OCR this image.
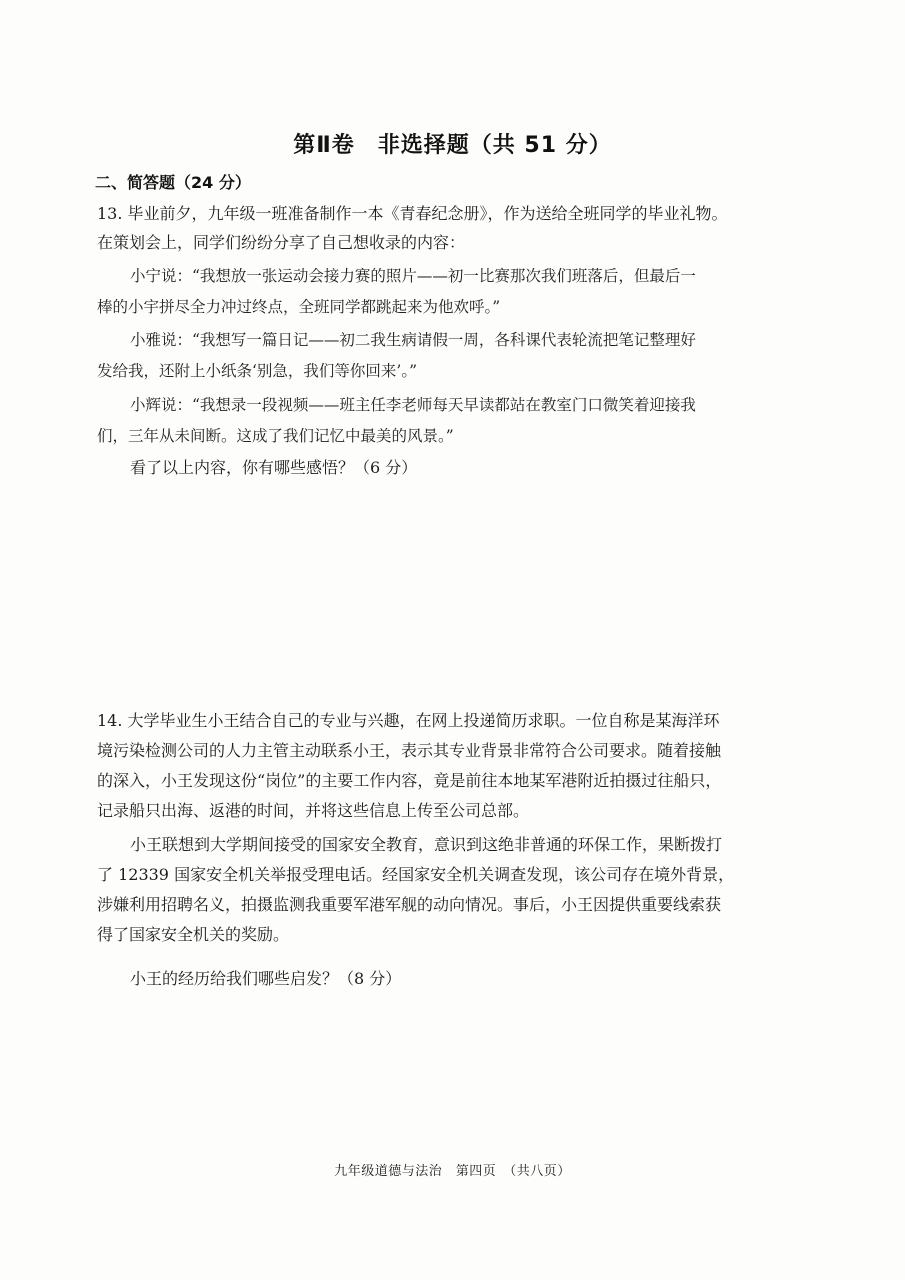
第Ⅱ卷　非选择题（共 51 分）
二、简答题（24 分）
13. 毕业前夕，九年级一班准备制作一本《青春纪念册》，作为送给全班同学的毕业礼物。
在策划会上，同学们纷纷分享了自己想收录的内容：
小宁说：“我想放一张运动会接力赛的照片——初一比赛那次我们班落后，但最后一
棒的小宇拼尽全力冲过终点，全班同学都跳起来为他欢呼。”
小雅说：“我想写一篇日记——初二我生病请假一周，各科课代表轮流把笔记整理好
发给我，还附上小纸条‘别急，我们等你回来’。”
小辉说：“我想录一段视频——班主任李老师每天早读都站在教室门口微笑着迎接我
们，三年从未间断。这成了我们记忆中最美的风景。”
看了以上内容，你有哪些感悟？（6 分）
14. 大学毕业生小王结合自己的专业与兴趣，在网上投递简历求职。一位自称是某海洋环
境污染检测公司的人力主管主动联系小王，表示其专业背景非常符合公司要求。随着接触
的深入，小王发现这份“岗位”的主要工作内容，竟是前往本地某军港附近拍摄过往船只，
记录船只出海、返港的时间，并将这些信息上传至公司总部。
小王联想到大学期间接受的国家安全教育，意识到这绝非普通的环保工作，果断拨打
了 12339 国家安全机关举报受理电话。经国家安全机关调查发现，该公司存在境外背景，
涉嫌利用招聘名义，拍摄监测我重要军港军舰的动向情况。事后，小王因提供重要线索获
得了国家安全机关的奖励。
小王的经历给我们哪些启发？（8 分）
九年级道德与法治　第四页　（共八页）
